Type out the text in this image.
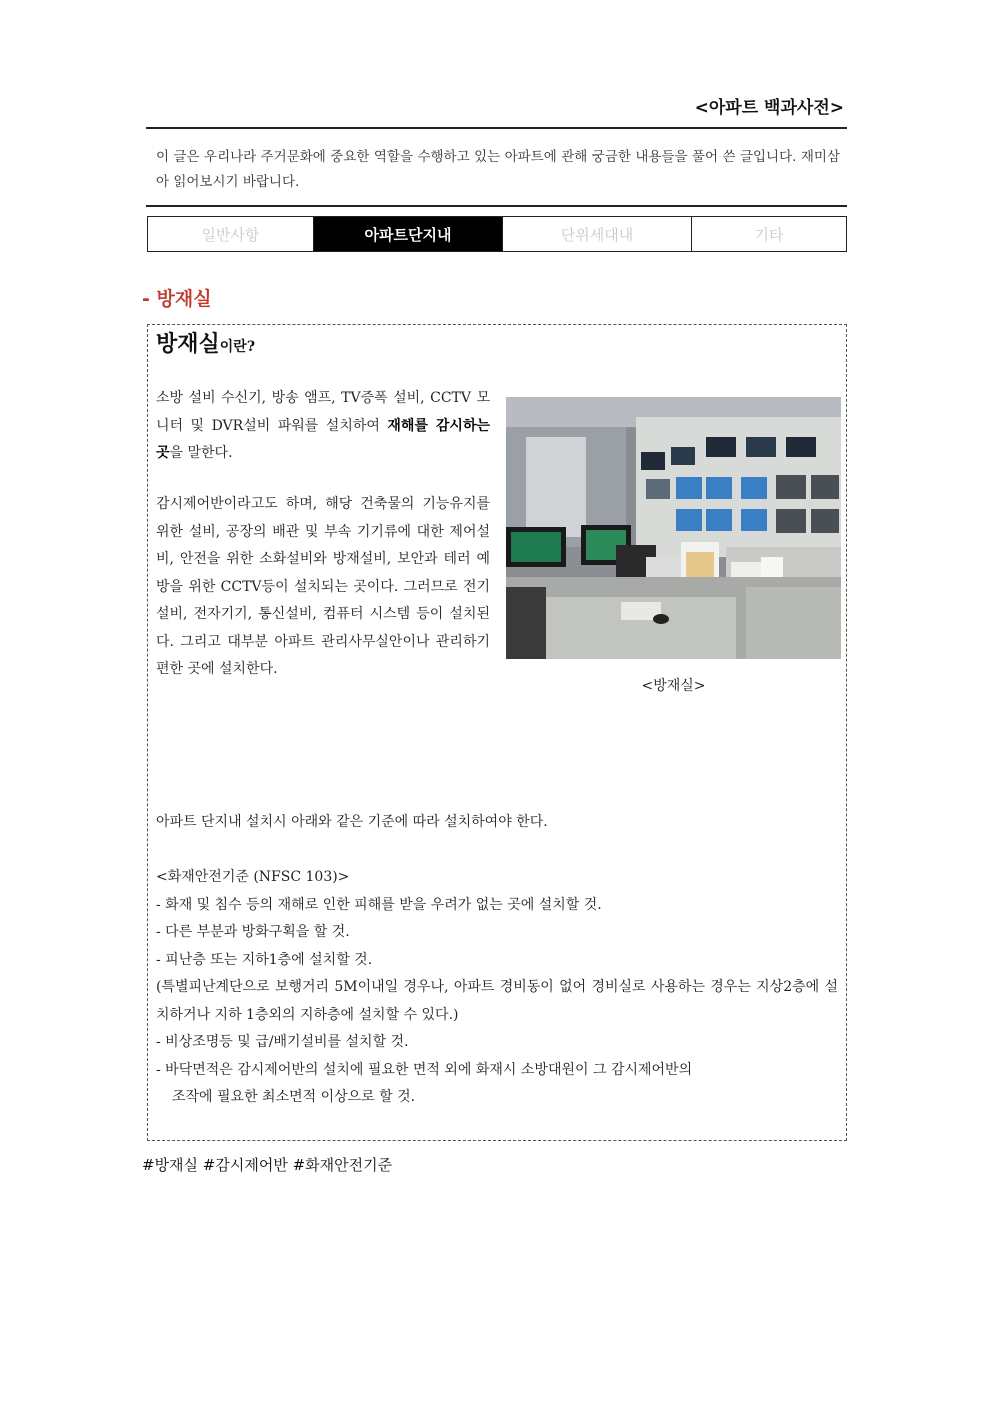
<아파트 백과사전>
이 글은 우리나라 주거문화에 중요한 역할을 수행하고 있는 아파트에 관해 궁금한 내용들을 풀어 쓴 글입니다. 재미삼아 읽어보시기 바랍니다.
일반사항	아파트단지내	단위세대내	기타
- 방재실
방재실이란?
소방 설비 수신기, 방송 앰프, TV증폭 설비, CCTV 모니터 및 DVR설비 파워를 설치하여 재해를 감시하는 곳을 말한다.
감시제어반이라고도 하며, 해당 건축물의 기능유지를 위한 설비, 공장의 배관 및 부속 기기류에 대한 제어설비, 안전을 위한 소화설비와 방재설비, 보안과 테러 예방을 위한 CCTV등이 설치되는 곳이다. 그러므로 전기설비, 전자기기, 통신설비, 컴퓨터 시스템 등이 설치된다. 그리고 대부분 아파트 관리사무실안이나 관리하기 편한 곳에 설치한다.
<방재실>
아파트 단지내 설치시 아래와 같은 기준에 따라 설치하여야 한다.

<화재안전기준 (NFSC 103)>
- 화재 및 침수 등의 재해로 인한 피해를 받을 우려가 없는 곳에 설치할 것.
- 다른 부분과 방화구획을 할 것.
- 피난층 또는 지하1층에 설치할 것.
(특별피난계단으로 보행거리 5M이내일 경우나, 아파트 경비동이 없어 경비실로 사용하는 경우는 지상2층에 설치하거나 지하 1층외의 지하층에 설치할 수 있다.)
- 비상조명등 및 급/배기설비를 설치할 것.
- 바닥면적은 감시제어반의 설치에 필요한 면적 외에 화재시 소방대원이 그 감시제어반의
조작에 필요한 최소면적 이상으로 할 것.
#방재실 #감시제어반 #화재안전기준
